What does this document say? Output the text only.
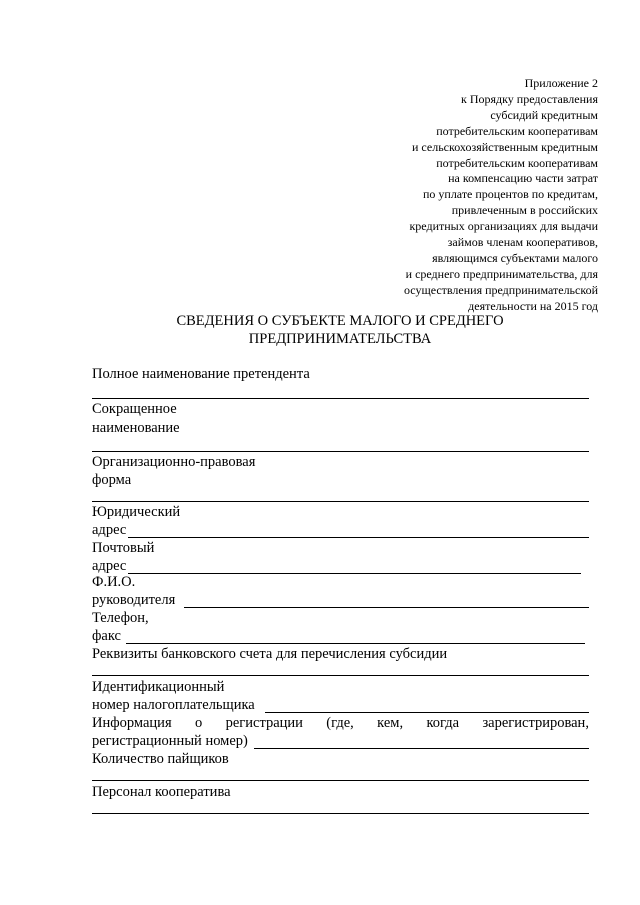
Приложение 2
к Порядку предоставления
субсидий кредитным
потребительским кооперативам
и сельскохозяйственным кредитным
потребительским кооперативам
на компенсацию части затрат
по уплате процентов по кредитам,
привлеченным в российских
кредитных организациях для выдачи
займов членам кооперативов,
являющимся субъектами малого
и среднего предпринимательства, для
осуществления предпринимательской
деятельности на 2015 год
СВЕДЕНИЯ О СУБЪЕКТЕ МАЛОГО И СРЕДНЕГО
ПРЕДПРИНИМАТЕЛЬСТВА
Полное наименование претендента
Сокращенное
наименование
Организационно-правовая
форма
Юридический
адрес
Почтовый
адрес
Ф.И.О.
руководителя
Телефон,
факс
Реквизиты банковского счета для перечисления субсидии
Идентификационный
номер налогоплательщика
Информация о регистрации (где, кем, когда зарегистрирован,
регистрационный номер)
Количество пайщиков
Персонал кооператива
